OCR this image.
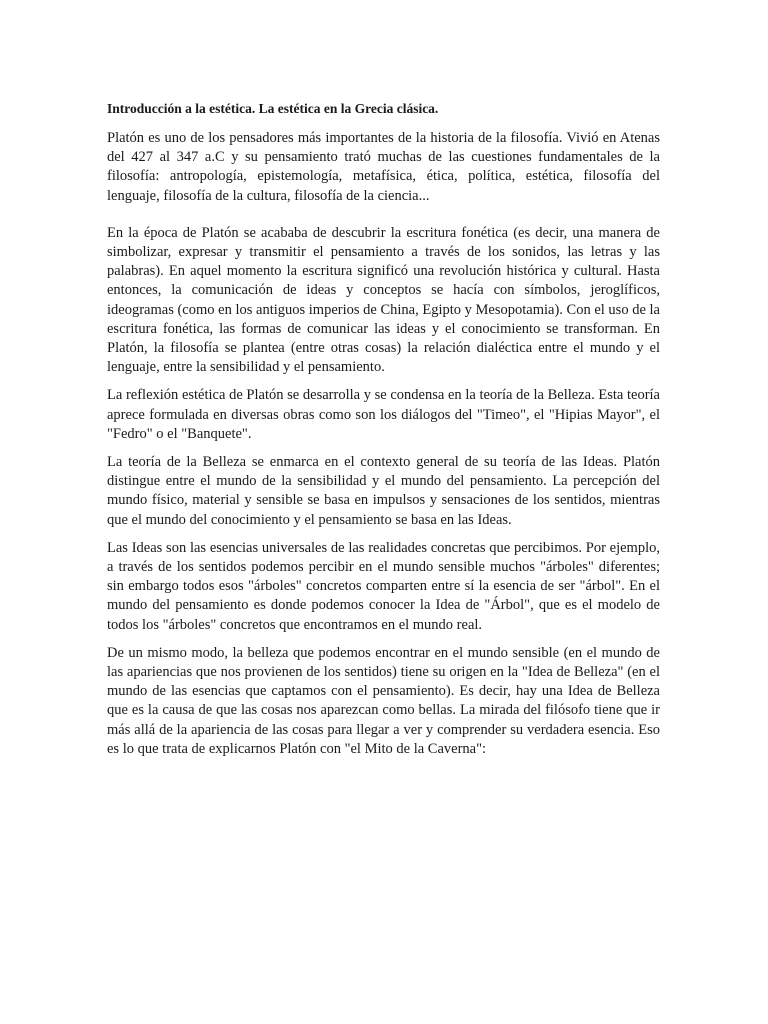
Introducción a la estética. La estética en la Grecia clásica.

Platón es uno de los pensadores más importantes de la historia de la filosofía. Vivió en Atenas del 427 al 347 a.C y su pensamiento trató muchas de las cuestiones fundamentales de la filosofía: antropología, epistemología, metafísica, ética, política, estética, filosofía del lenguaje, filosofía de la cultura, filosofía de la ciencia...

En la época de Platón se acababa de descubrir la escritura fonética (es decir, una manera de simbolizar, expresar y transmitir el pensamiento a través de los sonidos, las letras y las palabras). En aquel momento la escritura significó una revolución histórica y cultural. Hasta entonces, la comunicación de ideas y conceptos se hacía con símbolos, jeroglíficos, ideogramas (como en los antiguos imperios de China, Egipto y Mesopotamia). Con el uso de la escritura fonética, las formas de comunicar las ideas y el conocimiento se transforman. En Platón, la filosofía se plantea (entre otras cosas) la relación dialéctica entre el mundo y el lenguaje, entre la sensibilidad y el pensamiento.

La reflexión estética de Platón se desarrolla y se condensa en la teoría de la Belleza. Esta teoría aprece formulada en diversas obras como son los diálogos del "Timeo", el "Hipias Mayor", el "Fedro" o el "Banquete".

La teoría de la Belleza se enmarca en el contexto general de su teoría de las Ideas. Platón distingue entre el mundo de la sensibilidad y el mundo del pensamiento. La percepción del mundo físico, material y sensible se basa en impulsos y sensaciones de los sentidos, mientras que el mundo del conocimiento y el pensamiento se basa en las Ideas.

Las Ideas son las esencias universales de las realidades concretas que percibimos. Por ejemplo, a través de los sentidos podemos percibir en el mundo sensible muchos "árboles" diferentes; sin embargo todos esos "árboles" concretos comparten entre sí la esencia de ser "árbol". En el mundo del pensamiento es donde podemos conocer la Idea de "Árbol", que es el modelo de todos los "árboles" concretos que encontramos en el mundo real.

De un mismo modo, la belleza que podemos encontrar en el mundo sensible (en el mundo de las apariencias que nos provienen de los sentidos) tiene su origen en la "Idea de Belleza" (en el mundo de las esencias que captamos con el pensamiento). Es decir, hay una Idea de Belleza que es la causa de que las cosas nos aparezcan como bellas. La mirada del filósofo tiene que ir más allá de la apariencia de las cosas para llegar a ver y comprender su verdadera esencia. Eso es lo que trata de explicarnos Platón con "el Mito de la Caverna":
